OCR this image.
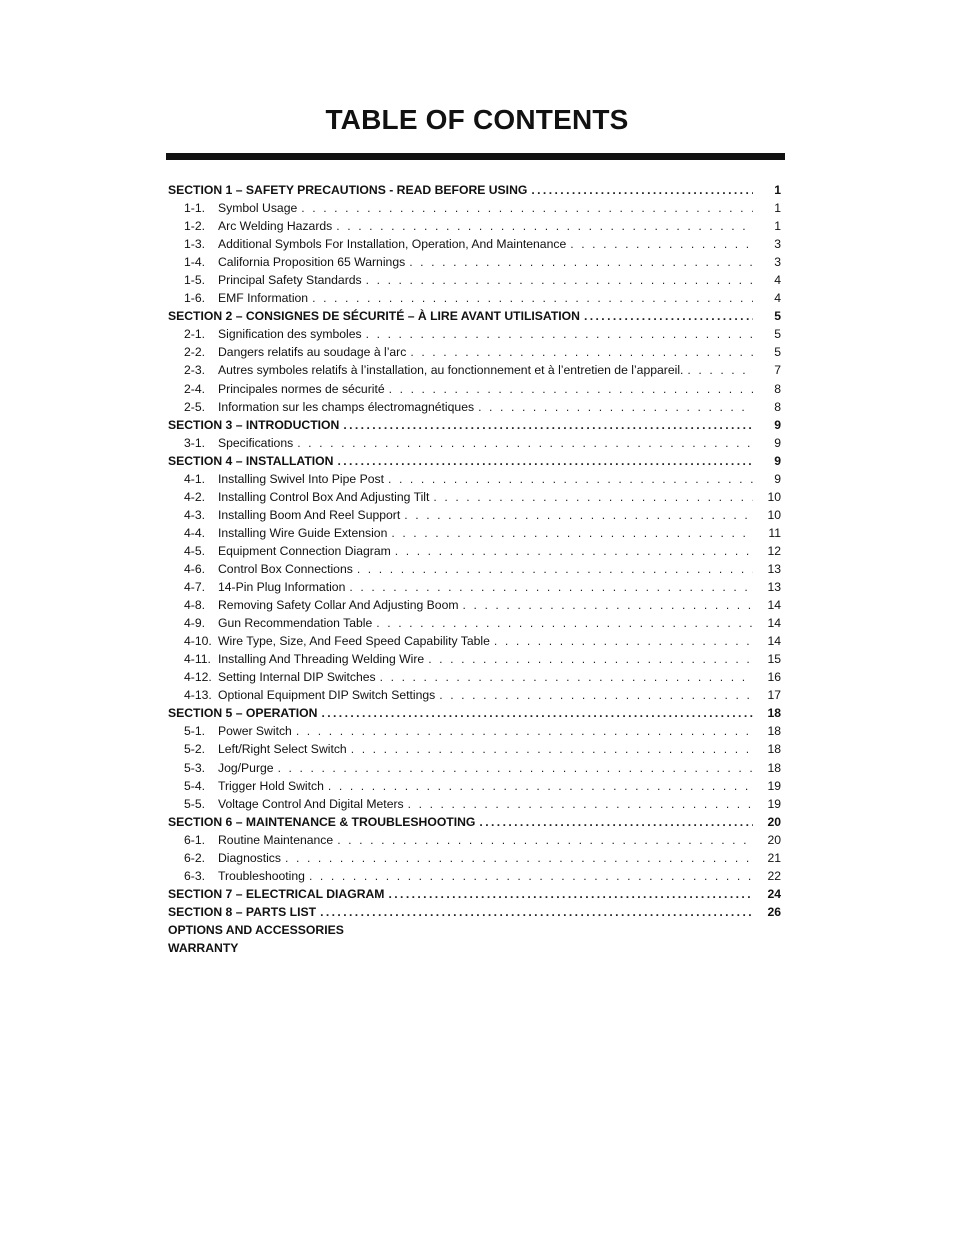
TABLE OF CONTENTS
SECTION 1 – SAFETY PRECAUTIONS - READ BEFORE USING .....	1
1-1.	Symbol Usage . . .	1
1-2.	Arc Welding Hazards . . .	1
1-3.	Additional Symbols For Installation, Operation, And Maintenance . . .	3
1-4.	California Proposition 65 Warnings . . .	3
1-5.	Principal Safety Standards . . .	4
1-6.	EMF Information . . .	4
SECTION 2 – CONSIGNES DE SÉCURITÉ – À LIRE AVANT UTILISATION .....	5
2-1.	Signification des symboles . . .	5
2-2.	Dangers relatifs au soudage à l’arc . . .	5
2-3.	Autres symboles relatifs à l’installation, au fonctionnement et à l’entretien de l’appareil. . . .	7
2-4.	Principales normes de sécurité . . .	8
2-5.	Information sur les champs électromagnétiques . . .	8
SECTION 3 – INTRODUCTION .....	9
3-1.	Specifications . . .	9
SECTION 4 – INSTALLATION .....	9
4-1.	Installing Swivel Into Pipe Post . . .	9
4-2.	Installing Control Box And Adjusting Tilt . . .	10
4-3.	Installing Boom And Reel Support . . .	10
4-4.	Installing Wire Guide Extension . . .	11
4-5.	Equipment Connection Diagram . . .	12
4-6.	Control Box Connections . . .	13
4-7.	14-Pin Plug Information . . .	13
4-8.	Removing Safety Collar And Adjusting Boom . . .	14
4-9.	Gun Recommendation Table . . .	14
4-10. Wire Type, Size, And Feed Speed Capability Table . . .	14
4-11. Installing And Threading Welding Wire . . .	15
4-12. Setting Internal DIP Switches . . .	16
4-13. Optional Equipment DIP Switch Settings . . .	17
SECTION 5 – OPERATION .....	18
5-1.	Power Switch . . .	18
5-2.	Left/Right Select Switch . . .	18
5-3.	Jog/Purge . . .	18
5-4.	Trigger Hold Switch . . .	19
5-5.	Voltage Control And Digital Meters . . .	19
SECTION 6 – MAINTENANCE & TROUBLESHOOTING .....	20
6-1.	Routine Maintenance . . .	20
6-2.	Diagnostics . . .	21
6-3.	Troubleshooting . . .	22
SECTION 7 – ELECTRICAL DIAGRAM .....	24
SECTION 8 – PARTS LIST .....	26
OPTIONS AND ACCESSORIES
WARRANTY
